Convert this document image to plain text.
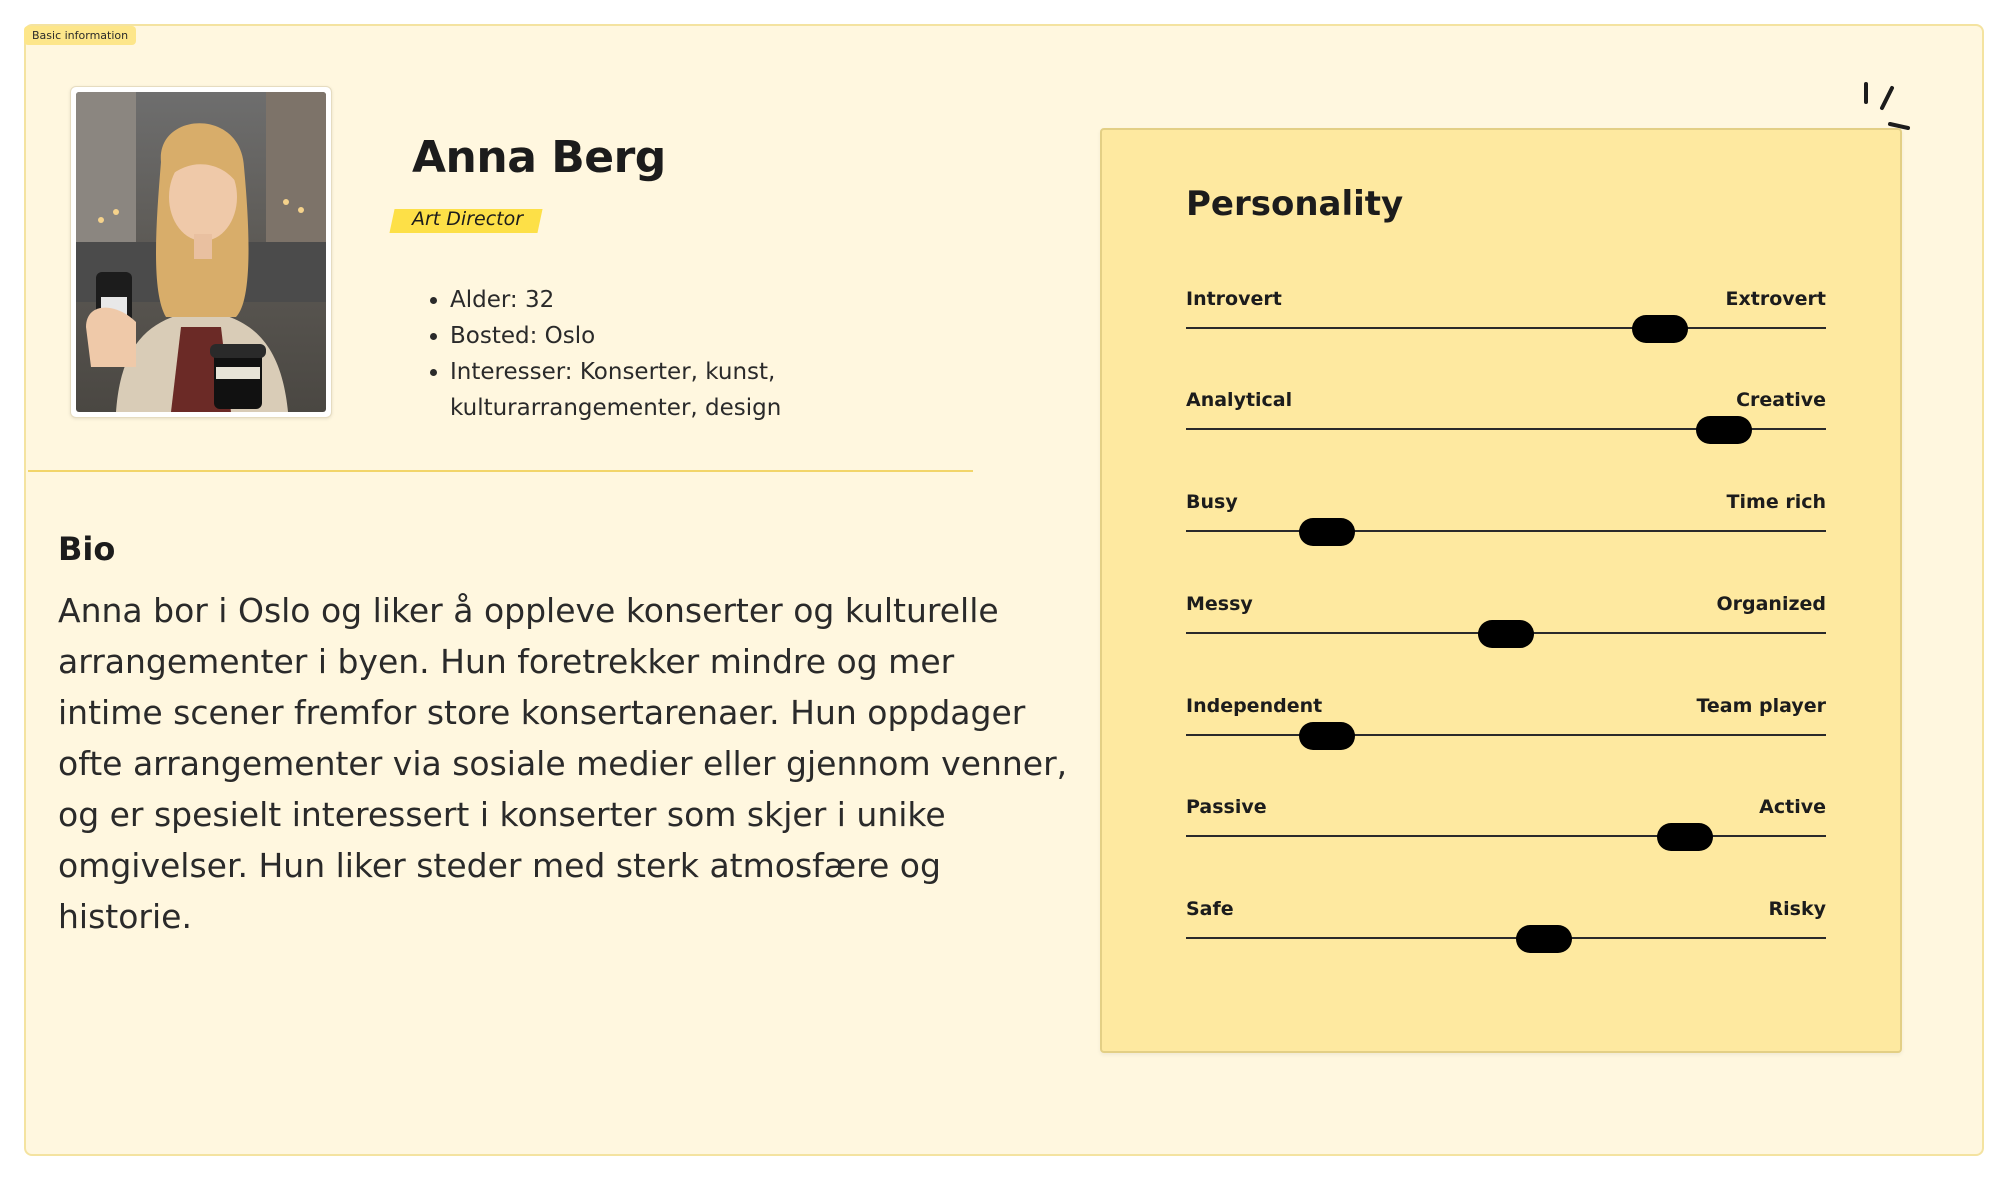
Basic information
Anna Berg
Art Director
• Alder: 32
• Bosted: Oslo
• Interesser: Konserter, kunst, kulturarrangementer, design
Bio
Anna bor i Oslo og liker å oppleve konserter og kulturelle arrangementer i byen. Hun foretrekker mindre og mer intime scener fremfor store konsertarenaer. Hun oppdager ofte arrangementer via sosiale medier eller gjennom venner, og er spesielt interessert i konserter som skjer i unike omgivelser. Hun liker steder med sterk atmosfære og historie.
Personality
Introvert	Extrovert
Analytical	Creative
Busy	Time rich
Messy	Organized
Independent	Team player
Passive	Active
Safe	Risky
